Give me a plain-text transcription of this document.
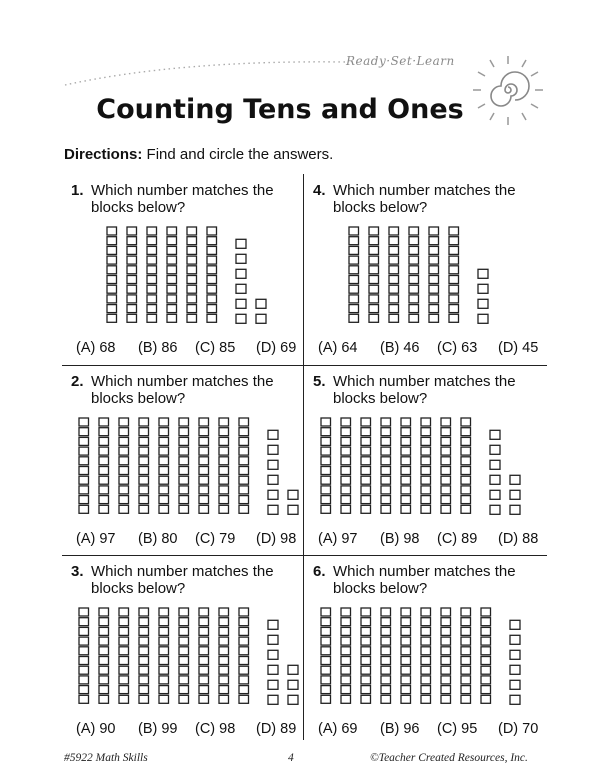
Ready·Set·Learn
Counting Tens and Ones
Directions: Find and circle the answers.
1. Which number matches the blocks below?
(A) 68 (B) 86 (C) 85 (D) 69
4. Which number matches the blocks below?
(A) 64 (B) 46 (C) 63 (D) 45
2. Which number matches the blocks below?
(A) 97 (B) 80 (C) 79 (D) 98
5. Which number matches the blocks below?
(A) 97 (B) 98 (C) 89 (D) 88
3. Which number matches the blocks below?
(A) 90 (B) 99 (C) 98 (D) 89
6. Which number matches the blocks below?
(A) 69 (B) 96 (C) 95 (D) 70
#5922 Math Skills	4	©Teacher Created Resources, Inc.
